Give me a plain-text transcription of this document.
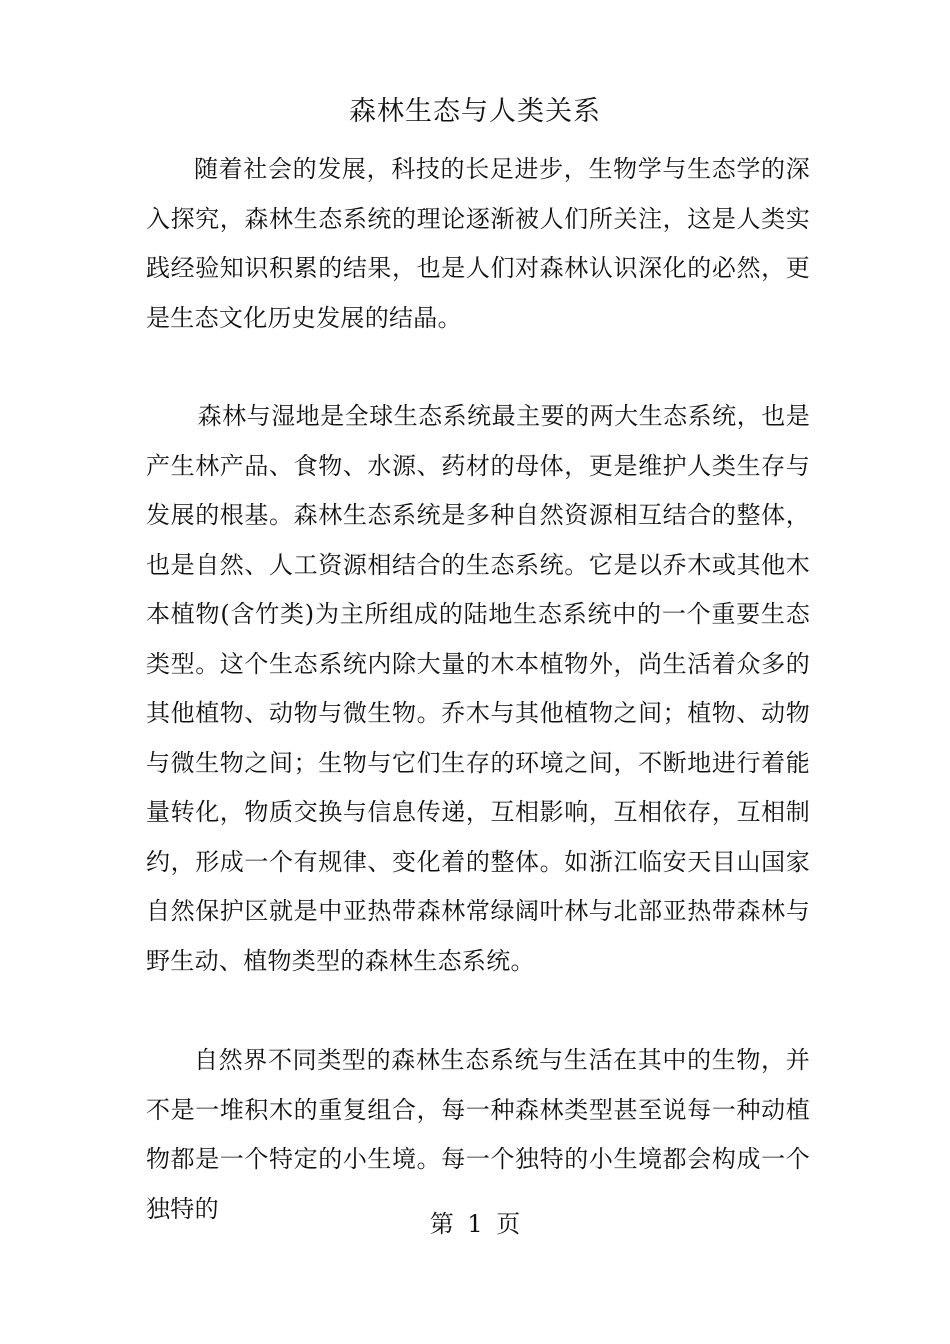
森林生态与人类关系

随着社会的发展，科技的长足进步，生物学与生态学的深入探究，森林生态系统的理论逐渐被人们所关注，这是人类实践经验知识积累的结果，也是人们对森林认识深化的必然，更是生态文化历史发展的结晶。

森林与湿地是全球生态系统最主要的两大生态系统，也是产生林产品、食物、水源、药材的母体，更是维护人类生存与发展的根基。森林生态系统是多种自然资源相互结合的整体，也是自然、人工资源相结合的生态系统。它是以乔木或其他木本植物(含竹类)为主所组成的陆地生态系统中的一个重要生态类型。这个生态系统内除大量的木本植物外，尚生活着众多的其他植物、动物与微生物。乔木与其他植物之间；植物、动物与微生物之间；生物与它们生存的环境之间，不断地进行着能量转化，物质交换与信息传递，互相影响，互相依存，互相制约，形成一个有规律、变化着的整体。如浙江临安天目山国家自然保护区就是中亚热带森林常绿阔叶林与北部亚热带森林与野生动、植物类型的森林生态系统。

自然界不同类型的森林生态系统与生活在其中的生物，并不是一堆积木的重复组合，每一种森林类型甚至说每一种动植物都是一个特定的小生境。每一个独特的小生境都会构成一个独特的

第 1 页
